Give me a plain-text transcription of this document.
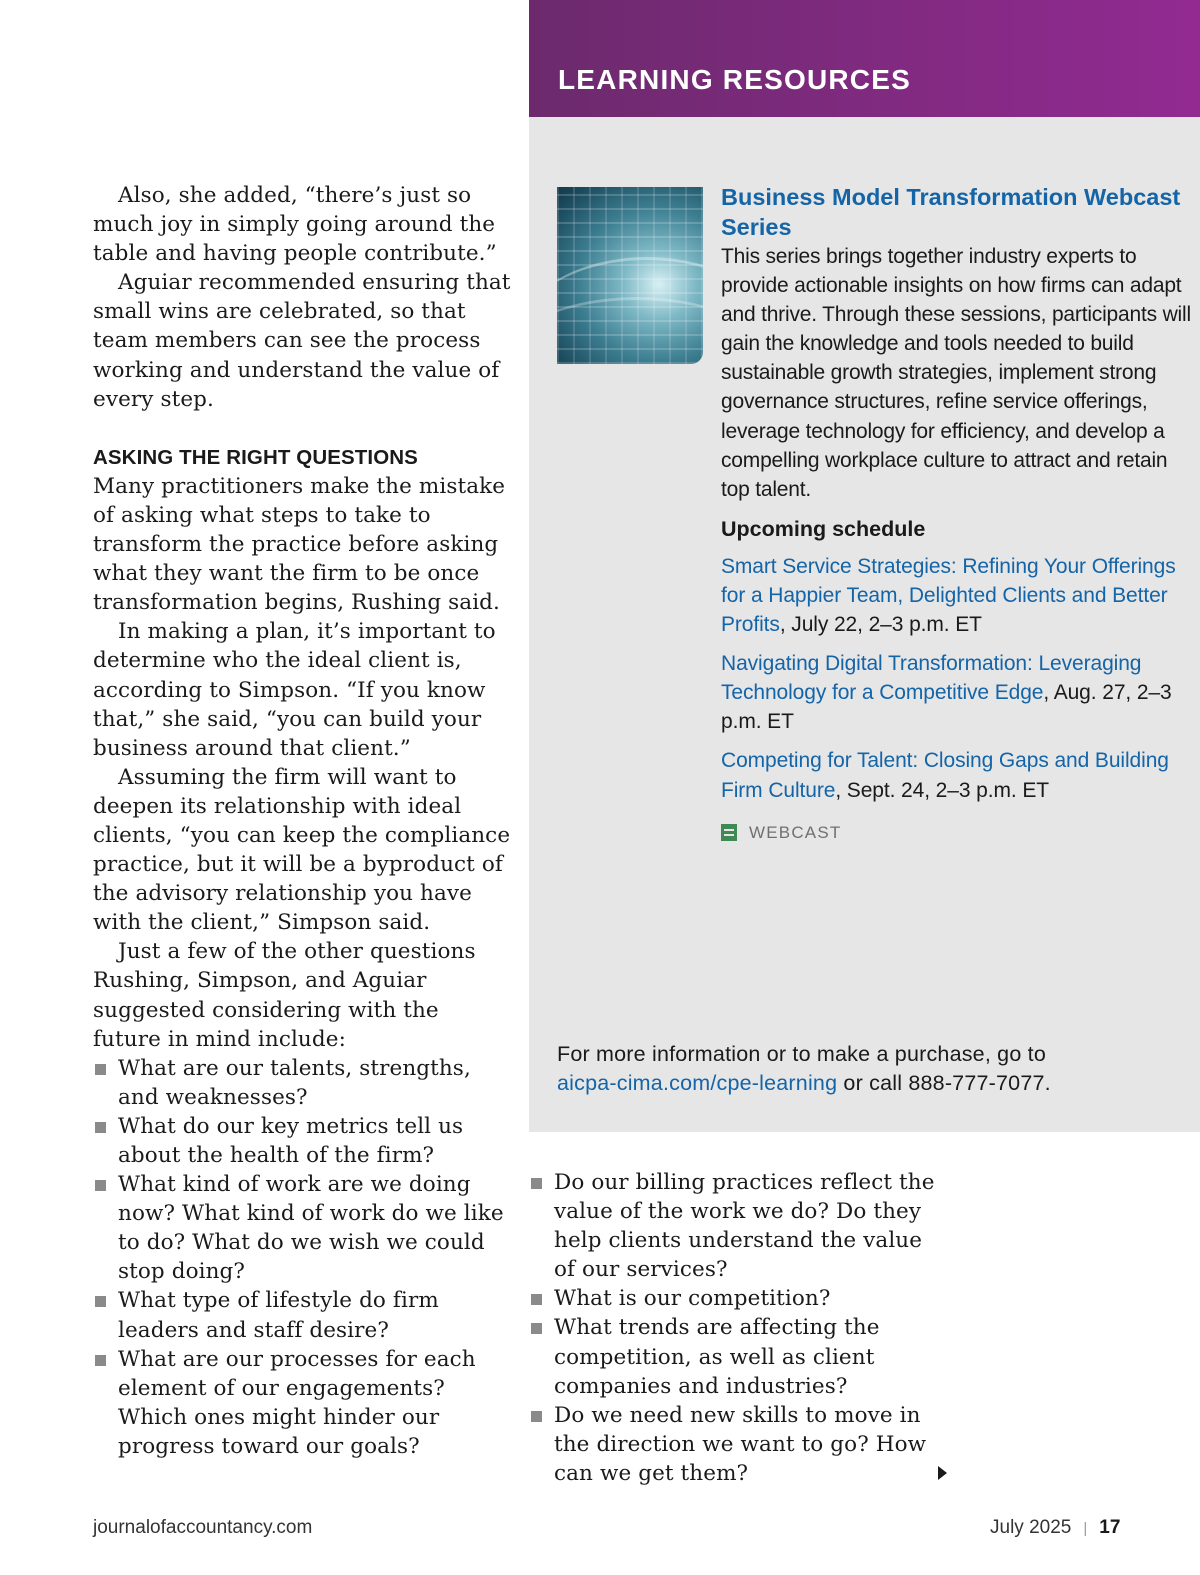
LEARNING RESOURCES
Business Model Transformation Webcast Series

This series brings together industry experts to provide actionable insights on how firms can adapt and thrive. Through these sessions, participants will gain the knowledge and tools needed to build sustainable growth strategies, implement strong governance structures, refine service offerings, leverage technology for efficiency, and develop a compelling workplace culture to attract and retain top talent.

Upcoming schedule

Smart Service Strategies: Refining Your Offerings for a Happier Team, Delighted Clients and Better Profits, July 22, 2–3 p.m. ET

Navigating Digital Transformation: Leveraging Technology for a Competitive Edge, Aug. 27, 2–3 p.m. ET

Competing for Talent: Closing Gaps and Building Firm Culture, Sept. 24, 2–3 p.m. ET

WEBCAST
For more information or to make a purchase, go to
aicpa-cima.com/cpe-learning or call 888-777-7077.

Also, she added, “there’s just so much joy in simply going around the table and having people contribute.”

Aguiar recommended ensuring that small wins are celebrated, so that team members can see the process working and understand the value of every step.

ASKING THE RIGHT QUESTIONS

Many practitioners make the mistake of asking what steps to take to transform the practice before asking what they want the firm to be once transformation begins, Rushing said.

In making a plan, it’s important to determine who the ideal client is, according to Simpson. “If you know that,” she said, “you can build your business around that client.”

Assuming the firm will want to deepen its relationship with ideal clients, “you can keep the compliance practice, but it will be a byproduct of the advisory relationship you have with the client,” Simpson said.

Just a few of the other questions Rushing, Simpson, and Aguiar suggested considering with the future in mind include:

What are our talents, strengths, and weaknesses?
What do our key metrics tell us about the health of the firm?
What kind of work are we doing now? What kind of work do we like to do? What do we wish we could stop doing?
What type of lifestyle do firm leaders and staff desire?
What are our processes for each element of our engagements? Which ones might hinder our progress toward our goals?
Do our billing practices reflect the value of the work we do? Do they help clients understand the value of our services?
What is our competition?
What trends are affecting the competition, as well as client companies and industries?
Do we need new skills to move in the direction we want to go? How can we get them?
journalofaccountancy.com	July 2025 | 17
